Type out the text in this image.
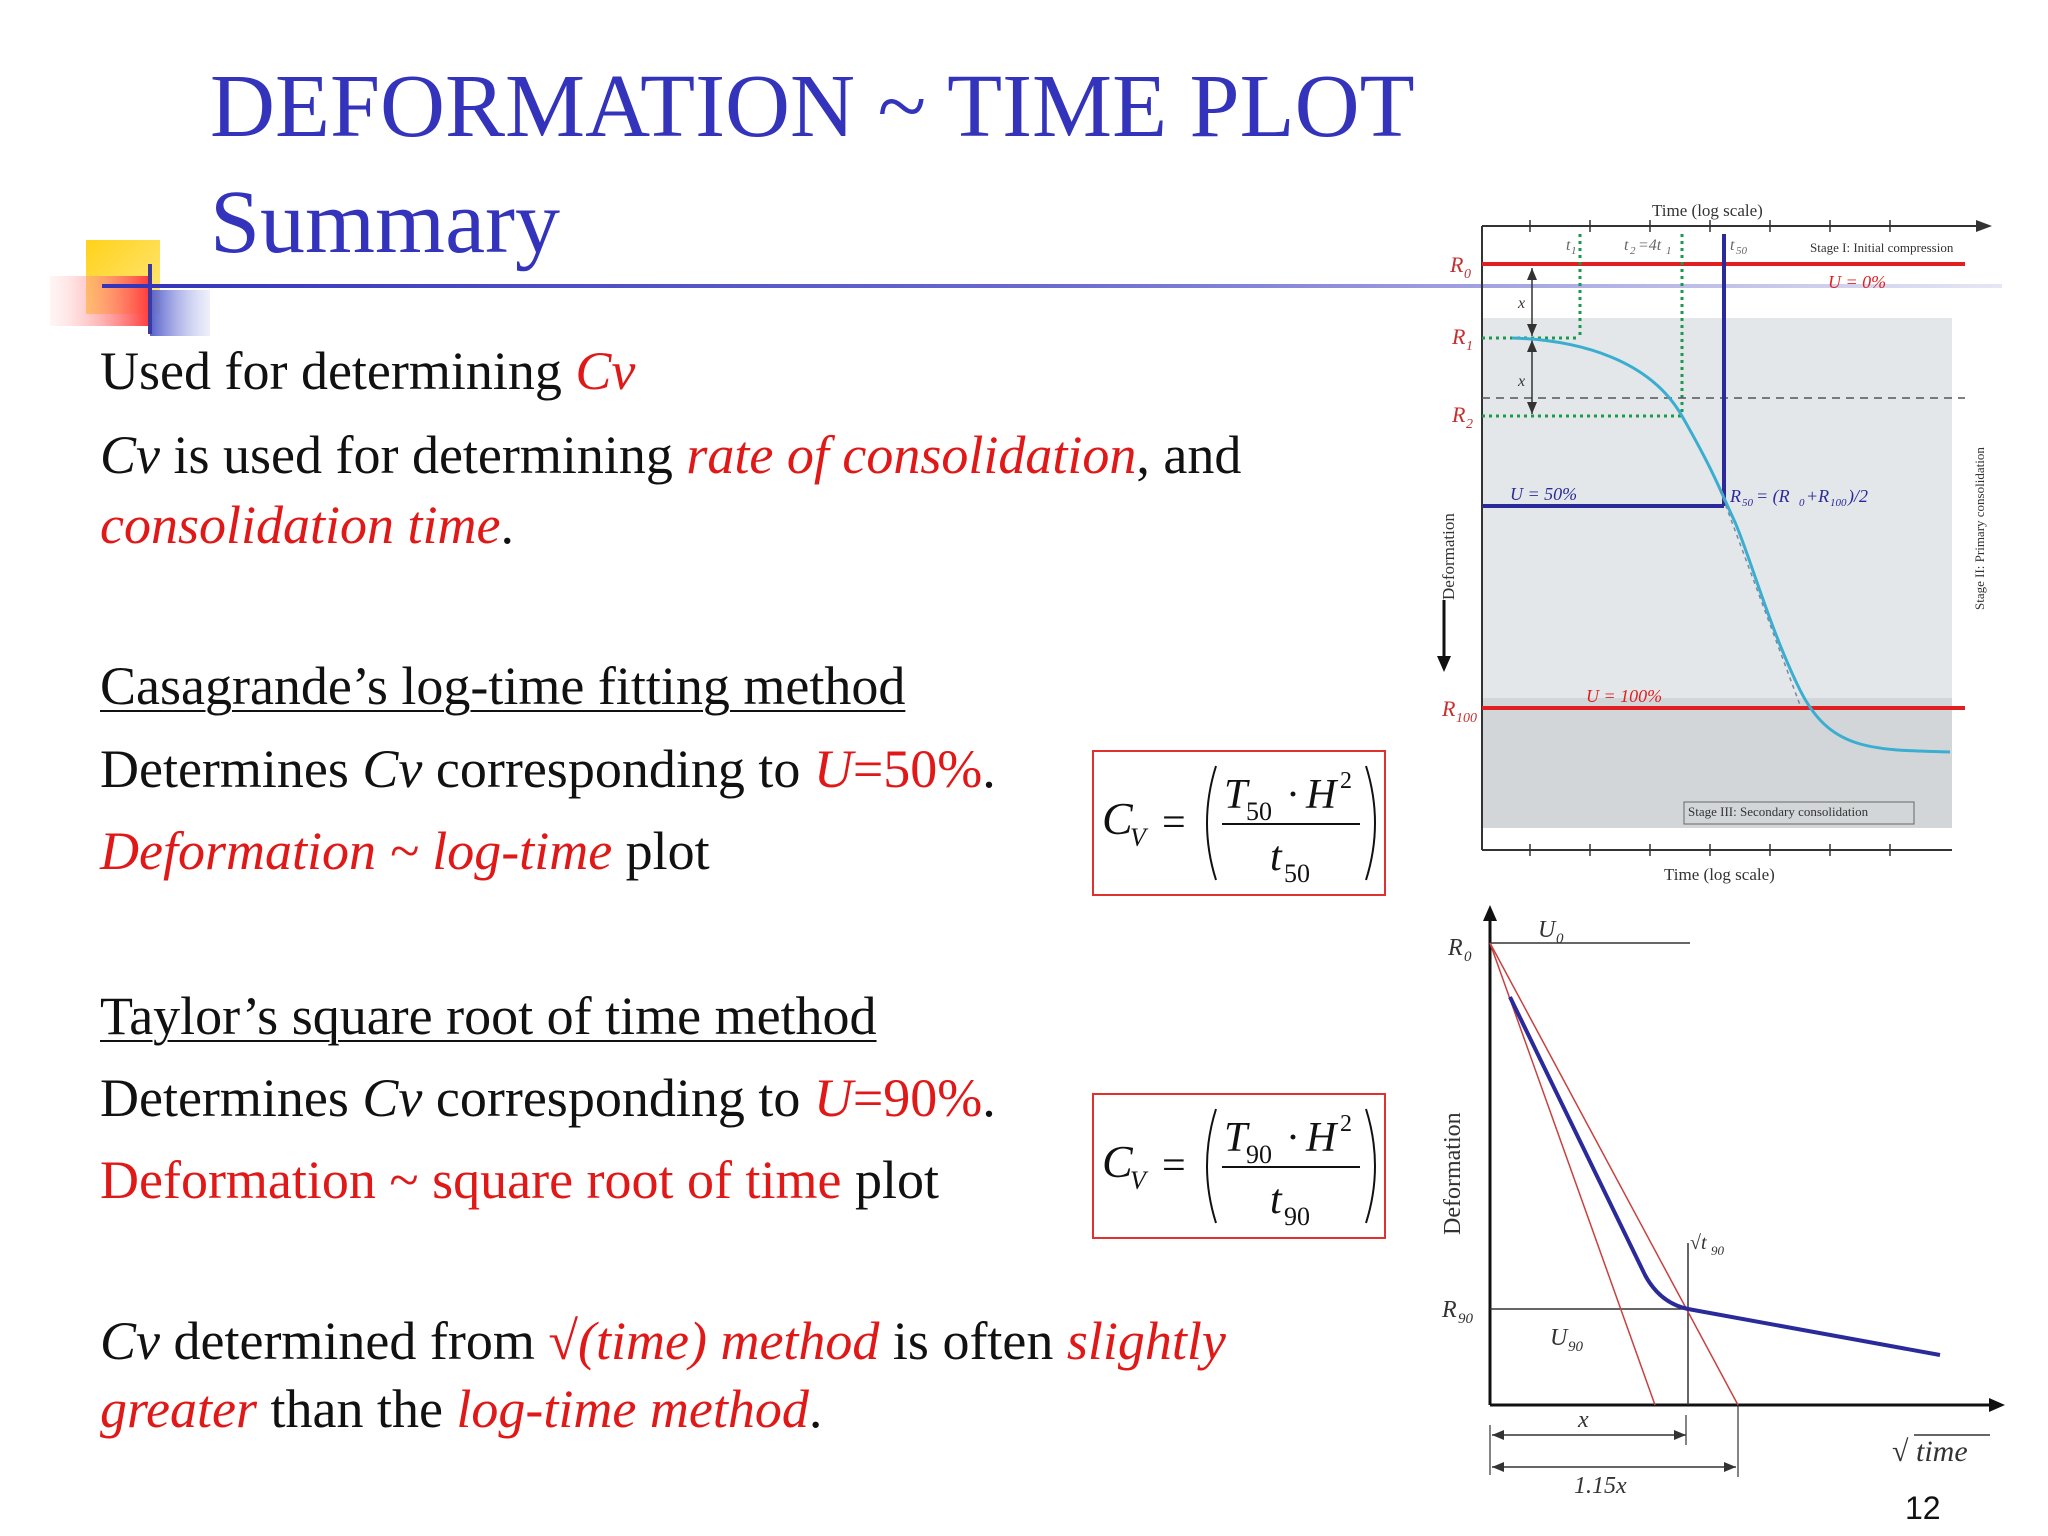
DEFORMATION ~ TIME PLOT
Summary
Used for determining Cv
Cv is used for determining rate of consolidation, and
consolidation time.
Casagrande’s log-time fitting method
Determines Cv corresponding to U=50%.
Deformation ~ log-time plot
C
V =
T
50 · H 2
t 50
Taylor’s square root of time method
Determines Cv corresponding to U=90%.
Deformation ~ square root of time plot	C
V =
T
90 · H 2
t 90
Cv determined from √(time) method is often slightly
greater than the log-time method.
R 0
R 1
R 2
R 100
Time (log scale)
Time (log scale)
t 1	t 2 =4t 1	t 50
x
x
Stage I: Initial compression
Stage III: Secondary consolidation
Stage II: Primary consolidation
Deformation
U = 0%
U = 50%
U = 100%
R 50 = (R 0 +R 100 )/2
R 0
R 90
U 0
U 90
√t 90
x
1.15x
√ time
Deformation
12
